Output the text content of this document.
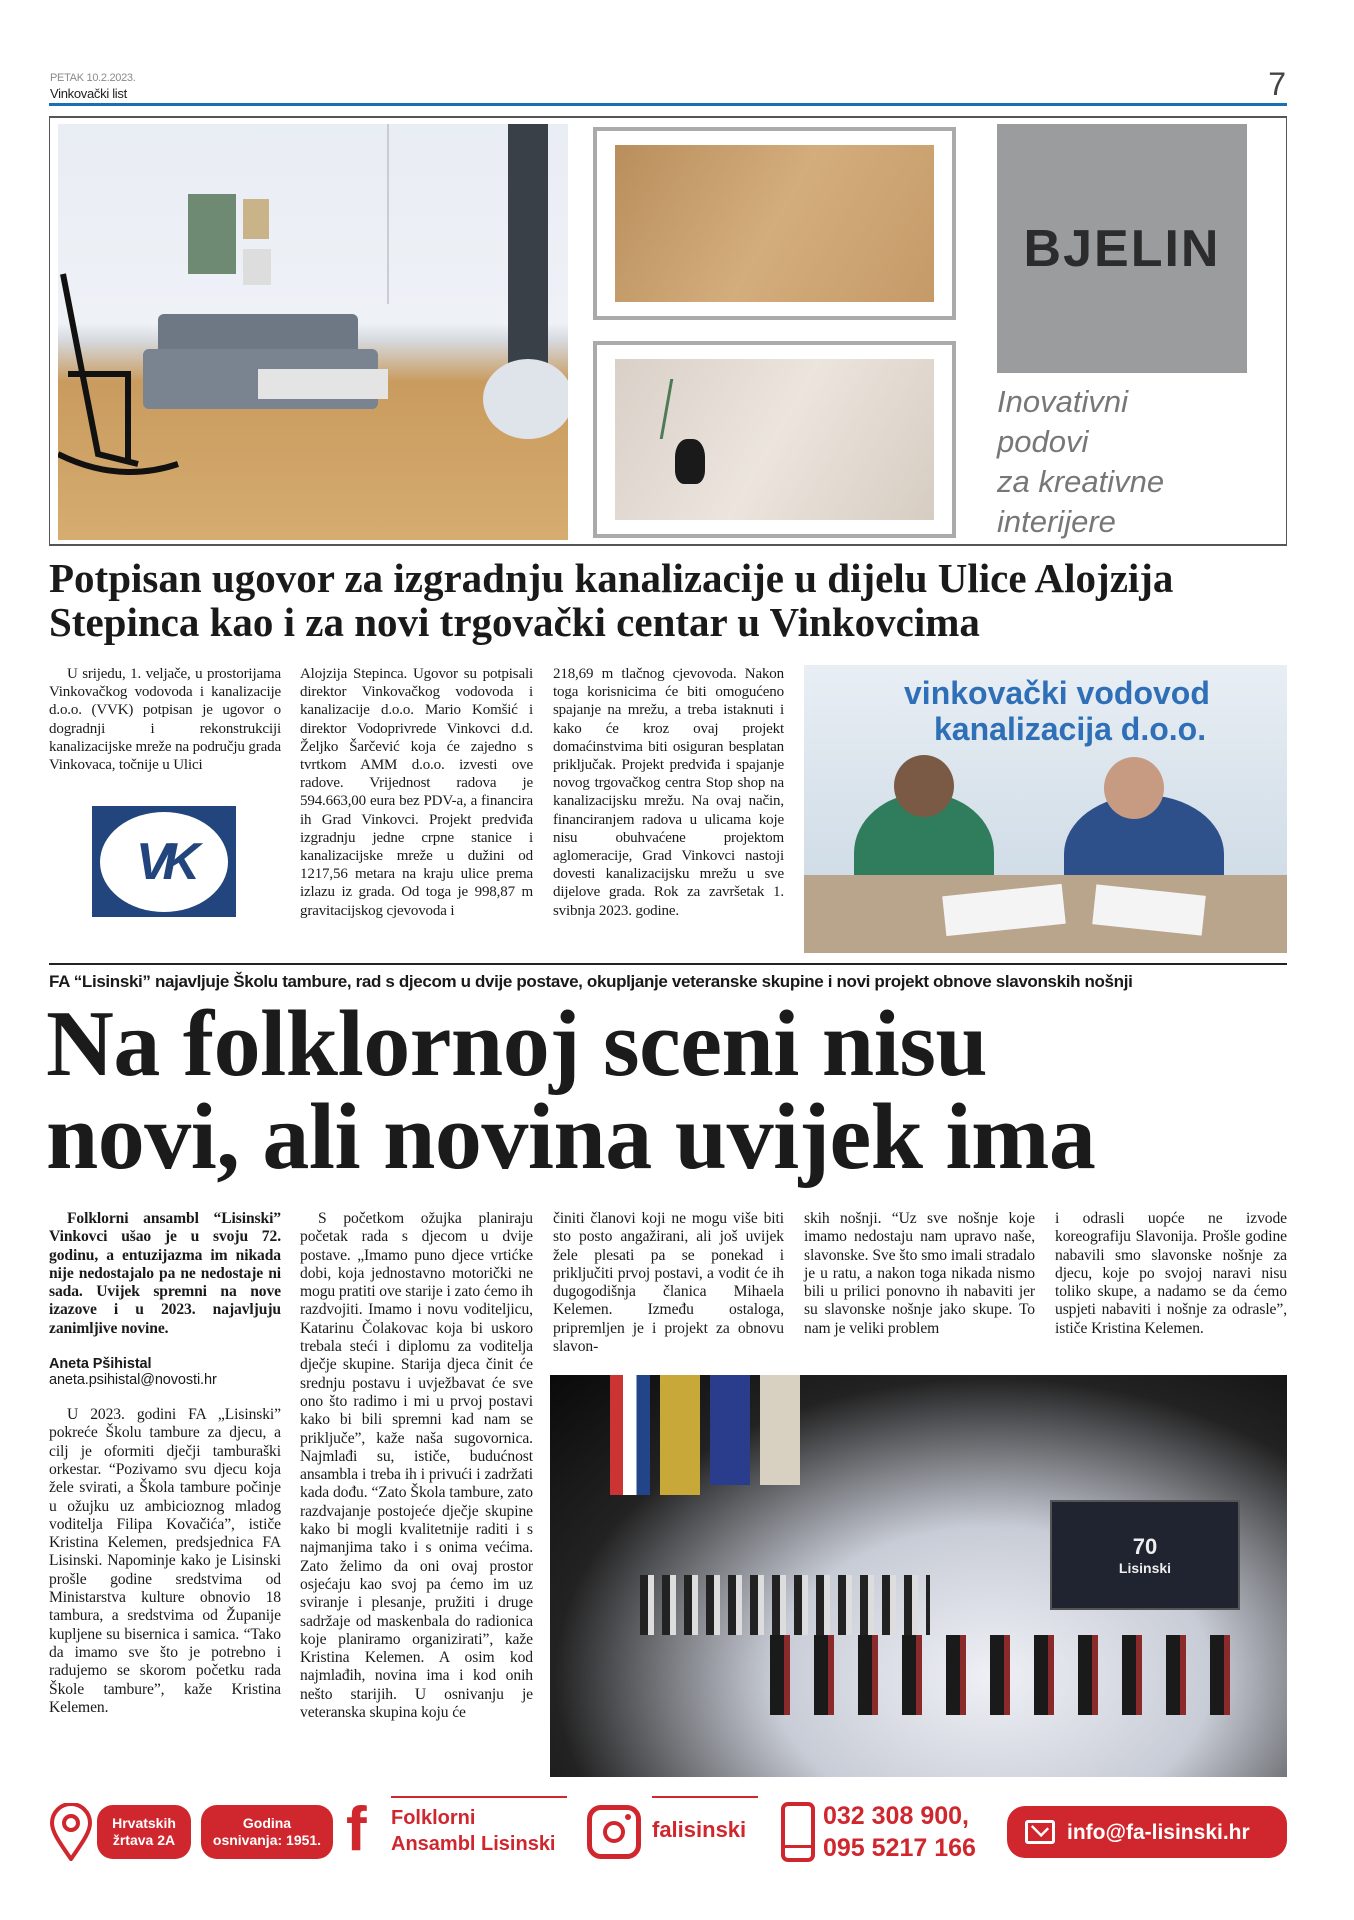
PETAK 10.2.2023.
Vinkovački list	7
BJELIN
Inovativni
podovi
za kreativne
interijere
Potpisan ugovor za izgradnju kanalizacije u dijelu Ulice Alojzija Stepinca kao i za novi trgovački centar u Vinkovcima

U srijedu, 1. veljače, u prostorijama Vinkovačkog vodovoda i kanalizacije d.o.o. (VVK) potpisan je ugovor o dogradnji i rekonstrukciji kanalizacijske mreže na području grada Vinkovaca, točnije u Ulici

VK

Alojzija Stepinca. Ugovor su potpisali direktor Vinkovačkog vodovoda i kanalizacije d.o.o. Mario Komšić i direktor Vodoprivrede Vinkovci d.d. Željko Šarčević koja će zajedno s tvrtkom AMM d.o.o. izvesti ove radove. Vrijednost radova je 594.663,00 eura bez PDV-a, a financira ih Grad Vinkovci. Projekt predviđa izgradnju jedne crpne stanice i kanalizacijske mreže u dužini od 1217,56 metara na kraju ulice prema izlazu iz grada. Od toga je 998,87 m gravitacijskog cjevovoda i

218,69 m tlačnog cjevovoda. Nakon toga korisnicima će biti omogućeno spajanje na mrežu, a treba istaknuti i kako će kroz ovaj projekt domaćinstvima biti osiguran besplatan priključak. Projekt predviđa i spajanje novog trgovačkog centra Stop shop na kanalizacijsku mrežu. Na ovaj način, financiranjem radova u ulicama koje nisu obuhvaćene projektom aglomeracije, Grad Vinkovci nastoji dovesti kanalizacijsku mrežu u sve dijelove grada. Rok za završetak 1. svibnja 2023. godine.

vinkovački vodovod
kanalizacija d.o.o.
FA “Lisinski” najavljuje Školu tambure, rad s djecom u dvije postave, okupljanje veteranske skupine i novi projekt obnove slavonskih nošnji
Na folklornoj sceni nisu
novi, ali novina uvijek ima

Folklorni ansambl “Lisinski” Vinkovci ušao je u svoju 72. godinu, a entuzijazma im nikada nije nedostajalo pa ne nedostaje ni sada. Uvijek spremni na nove izazove i u 2023. najavljuju zanimljive novine.

Aneta Pšihistal
aneta.psihistal@novosti.hr

U 2023. godini FA „Lisinski” pokreće Školu tambure za djecu, a cilj je oformiti dječji tamburaški orkestar. “Pozivamo svu djecu koja žele svirati, a Škola tambure počinje u ožujku uz ambicioznog mladog voditelja Filipa Kovačića”, ističe Kristina Kelemen, predsjednica FA Lisinski. Napominje kako je Lisinski prošle godine sredstvima od Ministarstva kulture obnovio 18 tambura, a sredstvima od Županije kupljene su bisernica i samica. “Tako da imamo sve što je potrebno i radujemo se skorom početku rada Škole tambure”, kaže Kristina Kelemen.

S početkom ožujka planiraju početak rada s djecom u dvije postave. „Imamo puno djece vrtićke dobi, koja jednostavno motorički ne mogu pratiti ove starije i zato ćemo ih razdvojiti. Imamo i novu voditeljicu, Katarinu Čolakovac koja bi uskoro trebala steći i diplomu za voditelja dječje skupine. Starija djeca činit će srednju postavu i uvježbavat će sve ono što radimo i mi u prvoj postavi kako bi bili spremni kad nam se priključe”, kaže naša sugovornica. Najmlađi su, ističe, budućnost ansambla i treba ih i privući i zadržati kada dođu. “Zato Škola tambure, zato razdvajanje postojeće dječje skupine kako bi mogli kvalitetnije raditi i s najmanjima tako i s onima većima. Zato želimo da oni ovaj prostor osjećaju kao svoj pa ćemo im uz sviranje i plesanje, pružiti i druge sadržaje od maskenbala do radionica koje planiramo organizirati”, kaže Kristina Kelemen. A osim kod najmlađih, novina ima i kod onih nešto starijih. U osnivanju je veteranska skupina koju će

činiti članovi koji ne mogu više biti sto posto angažirani, ali još uvijek žele plesati pa se ponekad i priključiti prvoj postavi, a vodit će ih dugogodišnja članica Mihaela Kelemen. Između ostaloga, pripremljen je i projekt za obnovu slavon-

skih nošnji. “Uz sve nošnje koje imamo nedostaju nam upravo naše, slavonske. Sve što smo imali stradalo je u ratu, a nakon toga nikada nismo bili u prilici ponovno ih nabaviti jer su slavonske nošnje jako skupe. To nam je veliki problem

i odrasli uopće ne izvode koreografiju Slavonija. Prošle godine nabavili smo slavonske nošnje za djecu, koje po svojoj naravi nisu toliko skupe, a nadamo se da ćemo uspjeti nabaviti i nošnje za odrasle”, ističe Kristina Kelemen.

70
Lisinski
Hrvatskih
žrtava 2A
Godina
osnivanja: 1951. f	Folklorni
Ansambl Lisinski
falisinski	032 308 900,
095 5217 166
info@fa-lisinski.hr
